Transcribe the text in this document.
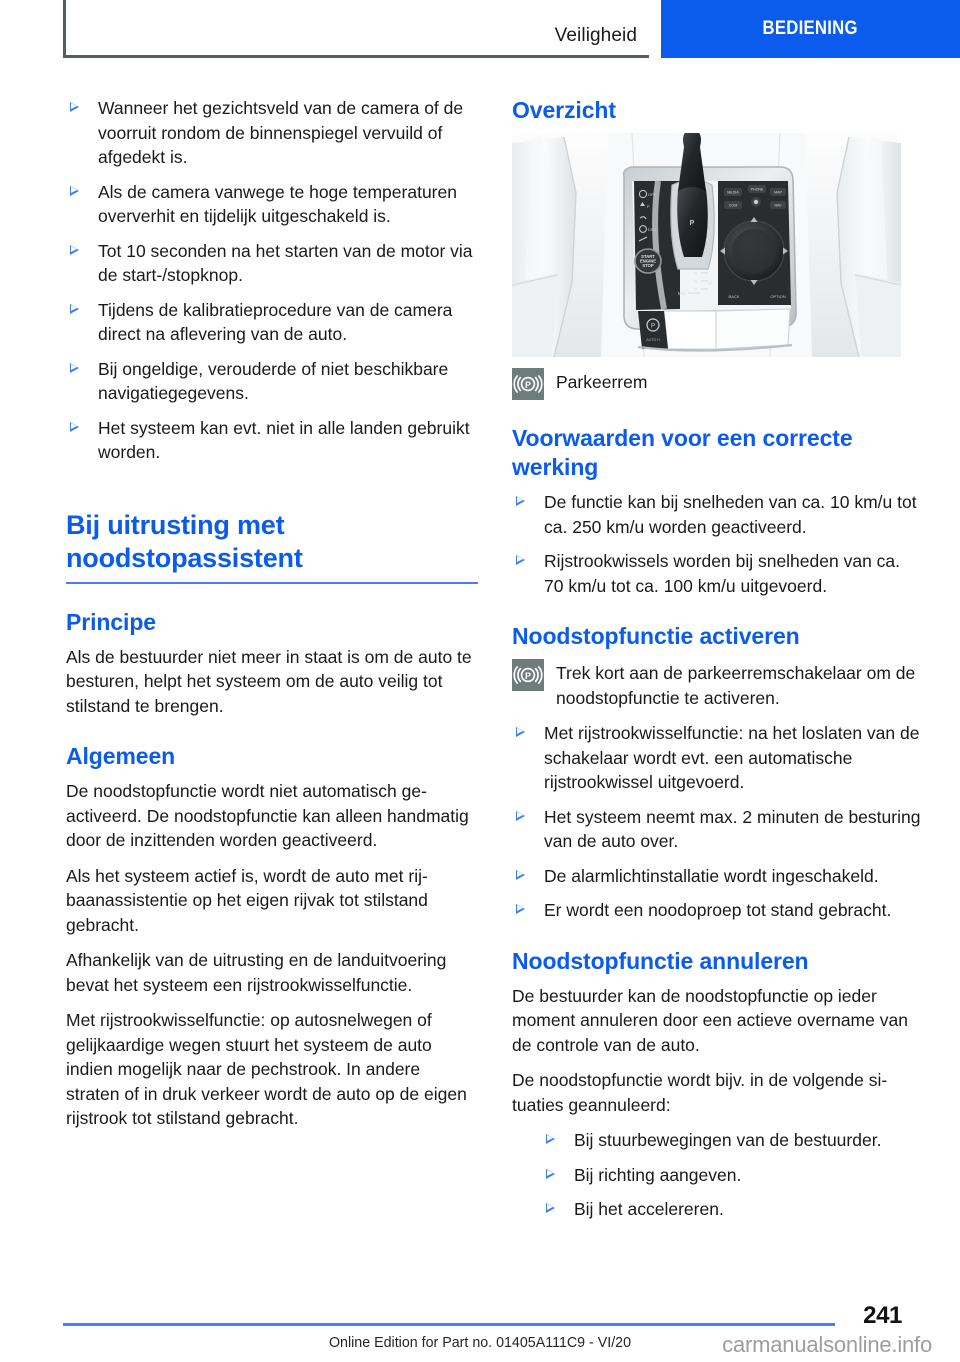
Veiligheid	BEDIENING
Wanneer het gezichtsveld van de camera of de voorruit rondom de binnenspiegel vervuild of afgedekt is.
Als de camera vanwege te hoge temperaturen oververhit en tijdelijk uitgeschakeld is.
Tot 10 seconden na het starten van de motor via de start-/stopknop.
Tijdens de kalibratieprocedure van de camera direct na aflevering van de auto.
Bij ongeldige, verouderde of niet beschikbare navigatiegegevens.
Het systeem kan evt. niet in alle landen gebruikt worden.
Bij uitrusting met noodstopassistent
Principe

Als de bestuurder niet meer in staat is om de auto te besturen, helpt het systeem om de auto veilig tot stilstand te brengen.

Algemeen

De noodstopfunctie wordt niet automatisch geactiveerd. De noodstopfunctie kan alleen handmatig door de inzittenden worden geactiveerd.

Als het systeem actief is, wordt de auto met rijbaanassistentie op het eigen rijvak tot stilstand gebracht.

Afhankelijk van de uitrusting en de landuitvoering bevat het systeem een rijstrookwisselfunctie.

Met rijstrookwisselfunctie: op autosnelwegen of gelijkaardige wegen stuurt het systeem de auto indien mogelijk naar de pechstrook. In andere straten of in druk verkeer wordt de auto op de eigen rijstrook tot stilstand gebracht.

Overzicht
OFF
P
DSC
START
ENGINE
STOP
P
R
N
D
M
M/S
MEDIA
PHONE
MAP
COM	NAV
BACK	OPTION
P
AUTO H
P Parkeerrem
Voorwaarden voor een correcte werking
De functie kan bij snelheden van ca. 10 km/u tot ca. 250 km/u worden geactiveerd.
Rijstrookwissels worden bij snelheden van ca. 70 km/u tot ca. 100 km/u uitgevoerd.
Noodstopfunctie activeren
P Trek kort aan de parkeerremschakelaar om de noodstopfunctie te activeren.
Met rijstrookwisselfunctie: na het loslaten van de schakelaar wordt evt. een automatische rijstrookwissel uitgevoerd.
Het systeem neemt max. 2 minuten de besturing van de auto over.
De alarmlichtinstallatie wordt ingeschakeld.
Er wordt een noodoproep tot stand gebracht.
Noodstopfunctie annuleren

De bestuurder kan de noodstopfunctie op ieder moment annuleren door een actieve overname van de controle van de auto.

De noodstopfunctie wordt bijv. in de volgende situaties geannuleerd:

Bij stuurbewegingen van de bestuurder.
Bij richting aangeven.
Bij het accelereren.
241
Online Edition for Part no. 01405A111C9 - VI/20	carmanualsonline.info
